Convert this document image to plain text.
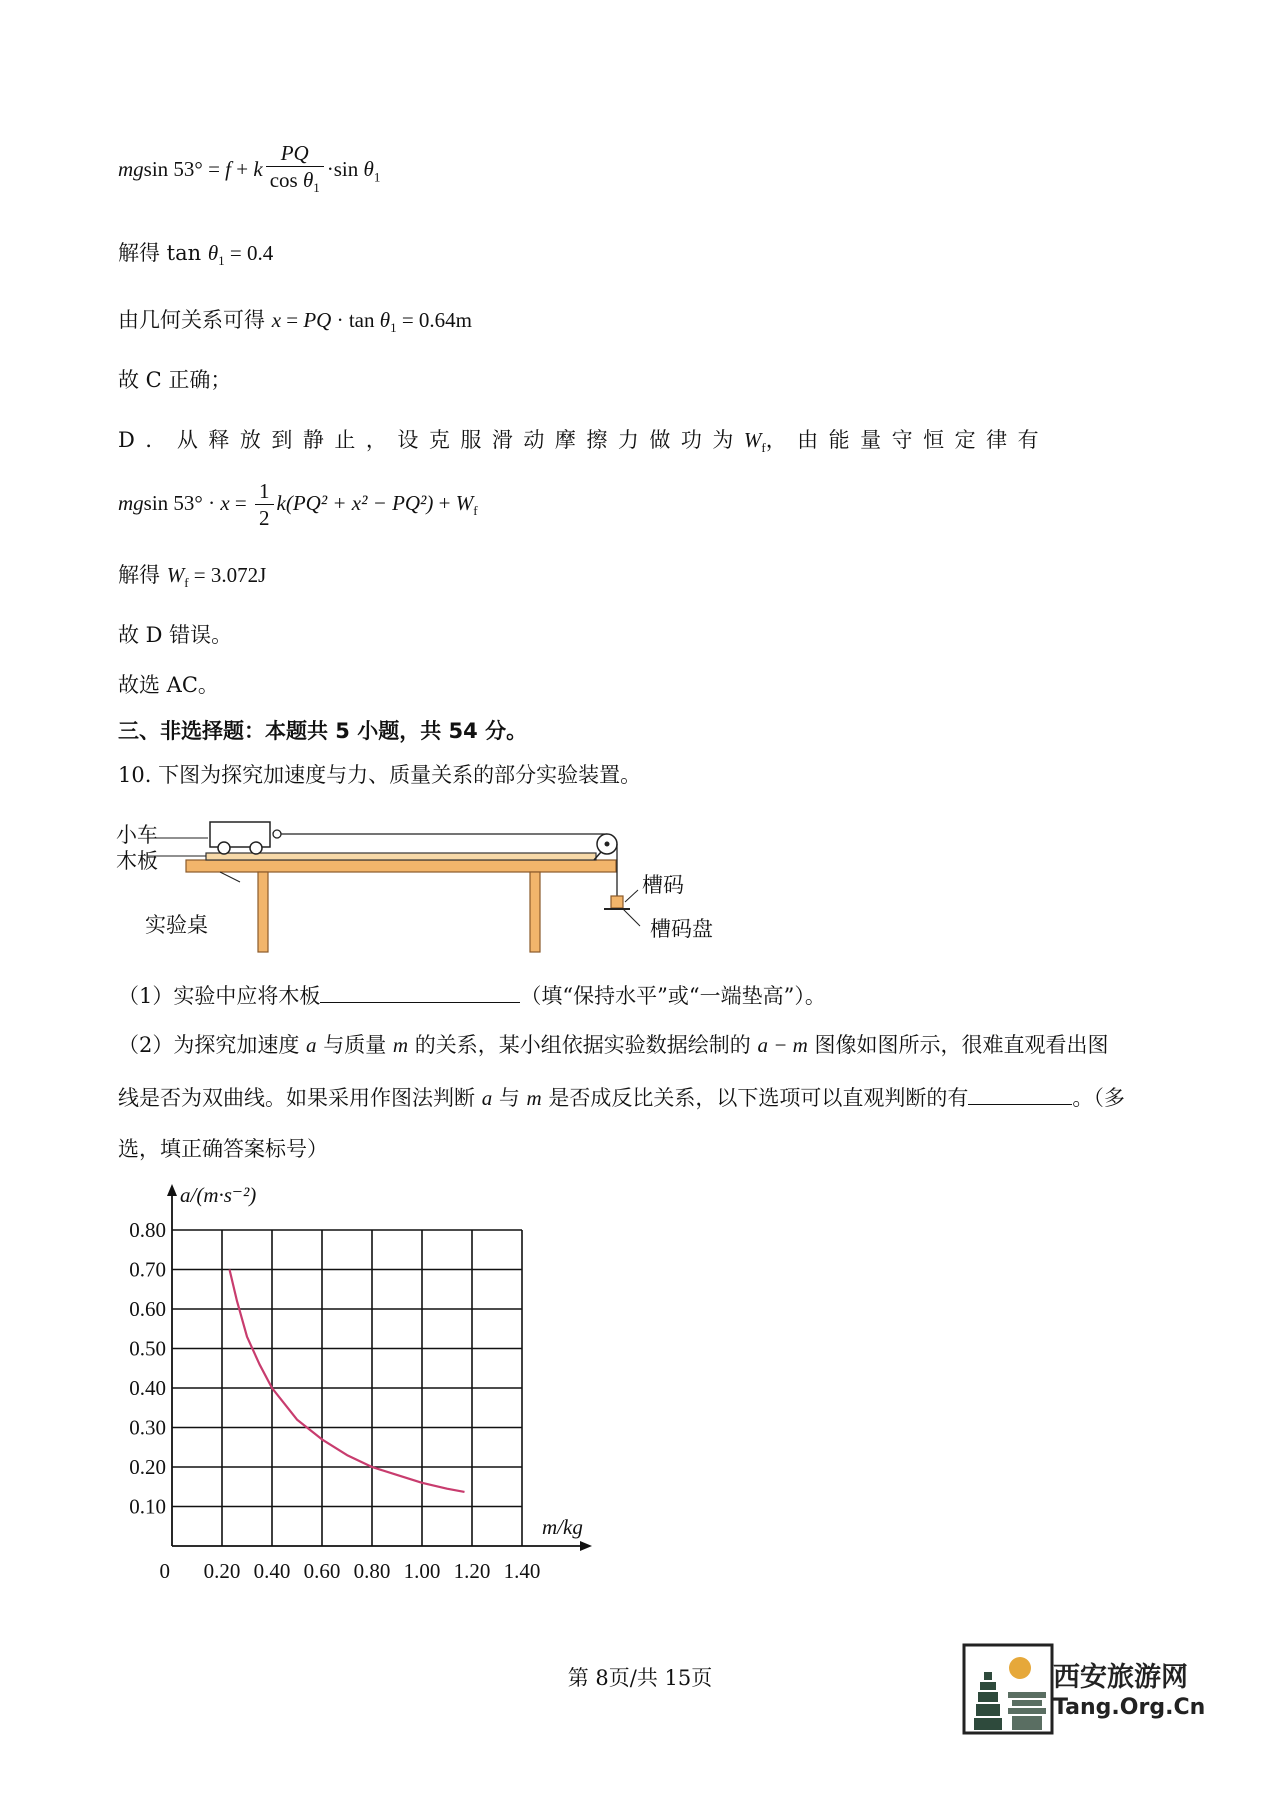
mgsin 53° = f + k $\frac{PQ}{\cos \theta_1} \cdot\sin$ $\theta_1$
解得 $\tan \theta_1 = 0.4$
由几何关系可得 x = PQ · $\tan \theta_1 = 0.64m$
故 C 正确；
D．从释放到静止，设克服滑动摩擦力做功为$W_f$，由能量守恒定律有
mgsin $53^\circ \cdot x = \frac{1}{2} k(PQ^2 + x^2 - PQ^2) + W_f$
解得 $W_f = 3.072J$
故 D 错误。
故选 AC。
三、非选择题：本题共 5 小题，共 54 分。
10. 下图为探究加速度与力、质量关系的部分实验装置。
小车
木板
实验桌
槽码
槽码盘
（1）实验中应将木板	（填“保持水平”或“一端垫高”）。
（2）为探究加速度 a 与质量 m 的关系，某小组依据实验数据绘制的 a − m 图像如图所示，很难直观看出图
线是否为双曲线。如果采用作图法判断 a 与 m 是否成反比关系，以下选项可以直观判断的有	。（多
选，填正确答案标号）
0.10
0.20
0.30
0.40
0.50
0.60
0.70
0.80
0.20 0.40 0.60 0.80 1.00 1.20 1.40
0
a/(m·s⁻²)
m/kg
第 8页/共 15页	西安旅游网
Tang.Org.Cn
